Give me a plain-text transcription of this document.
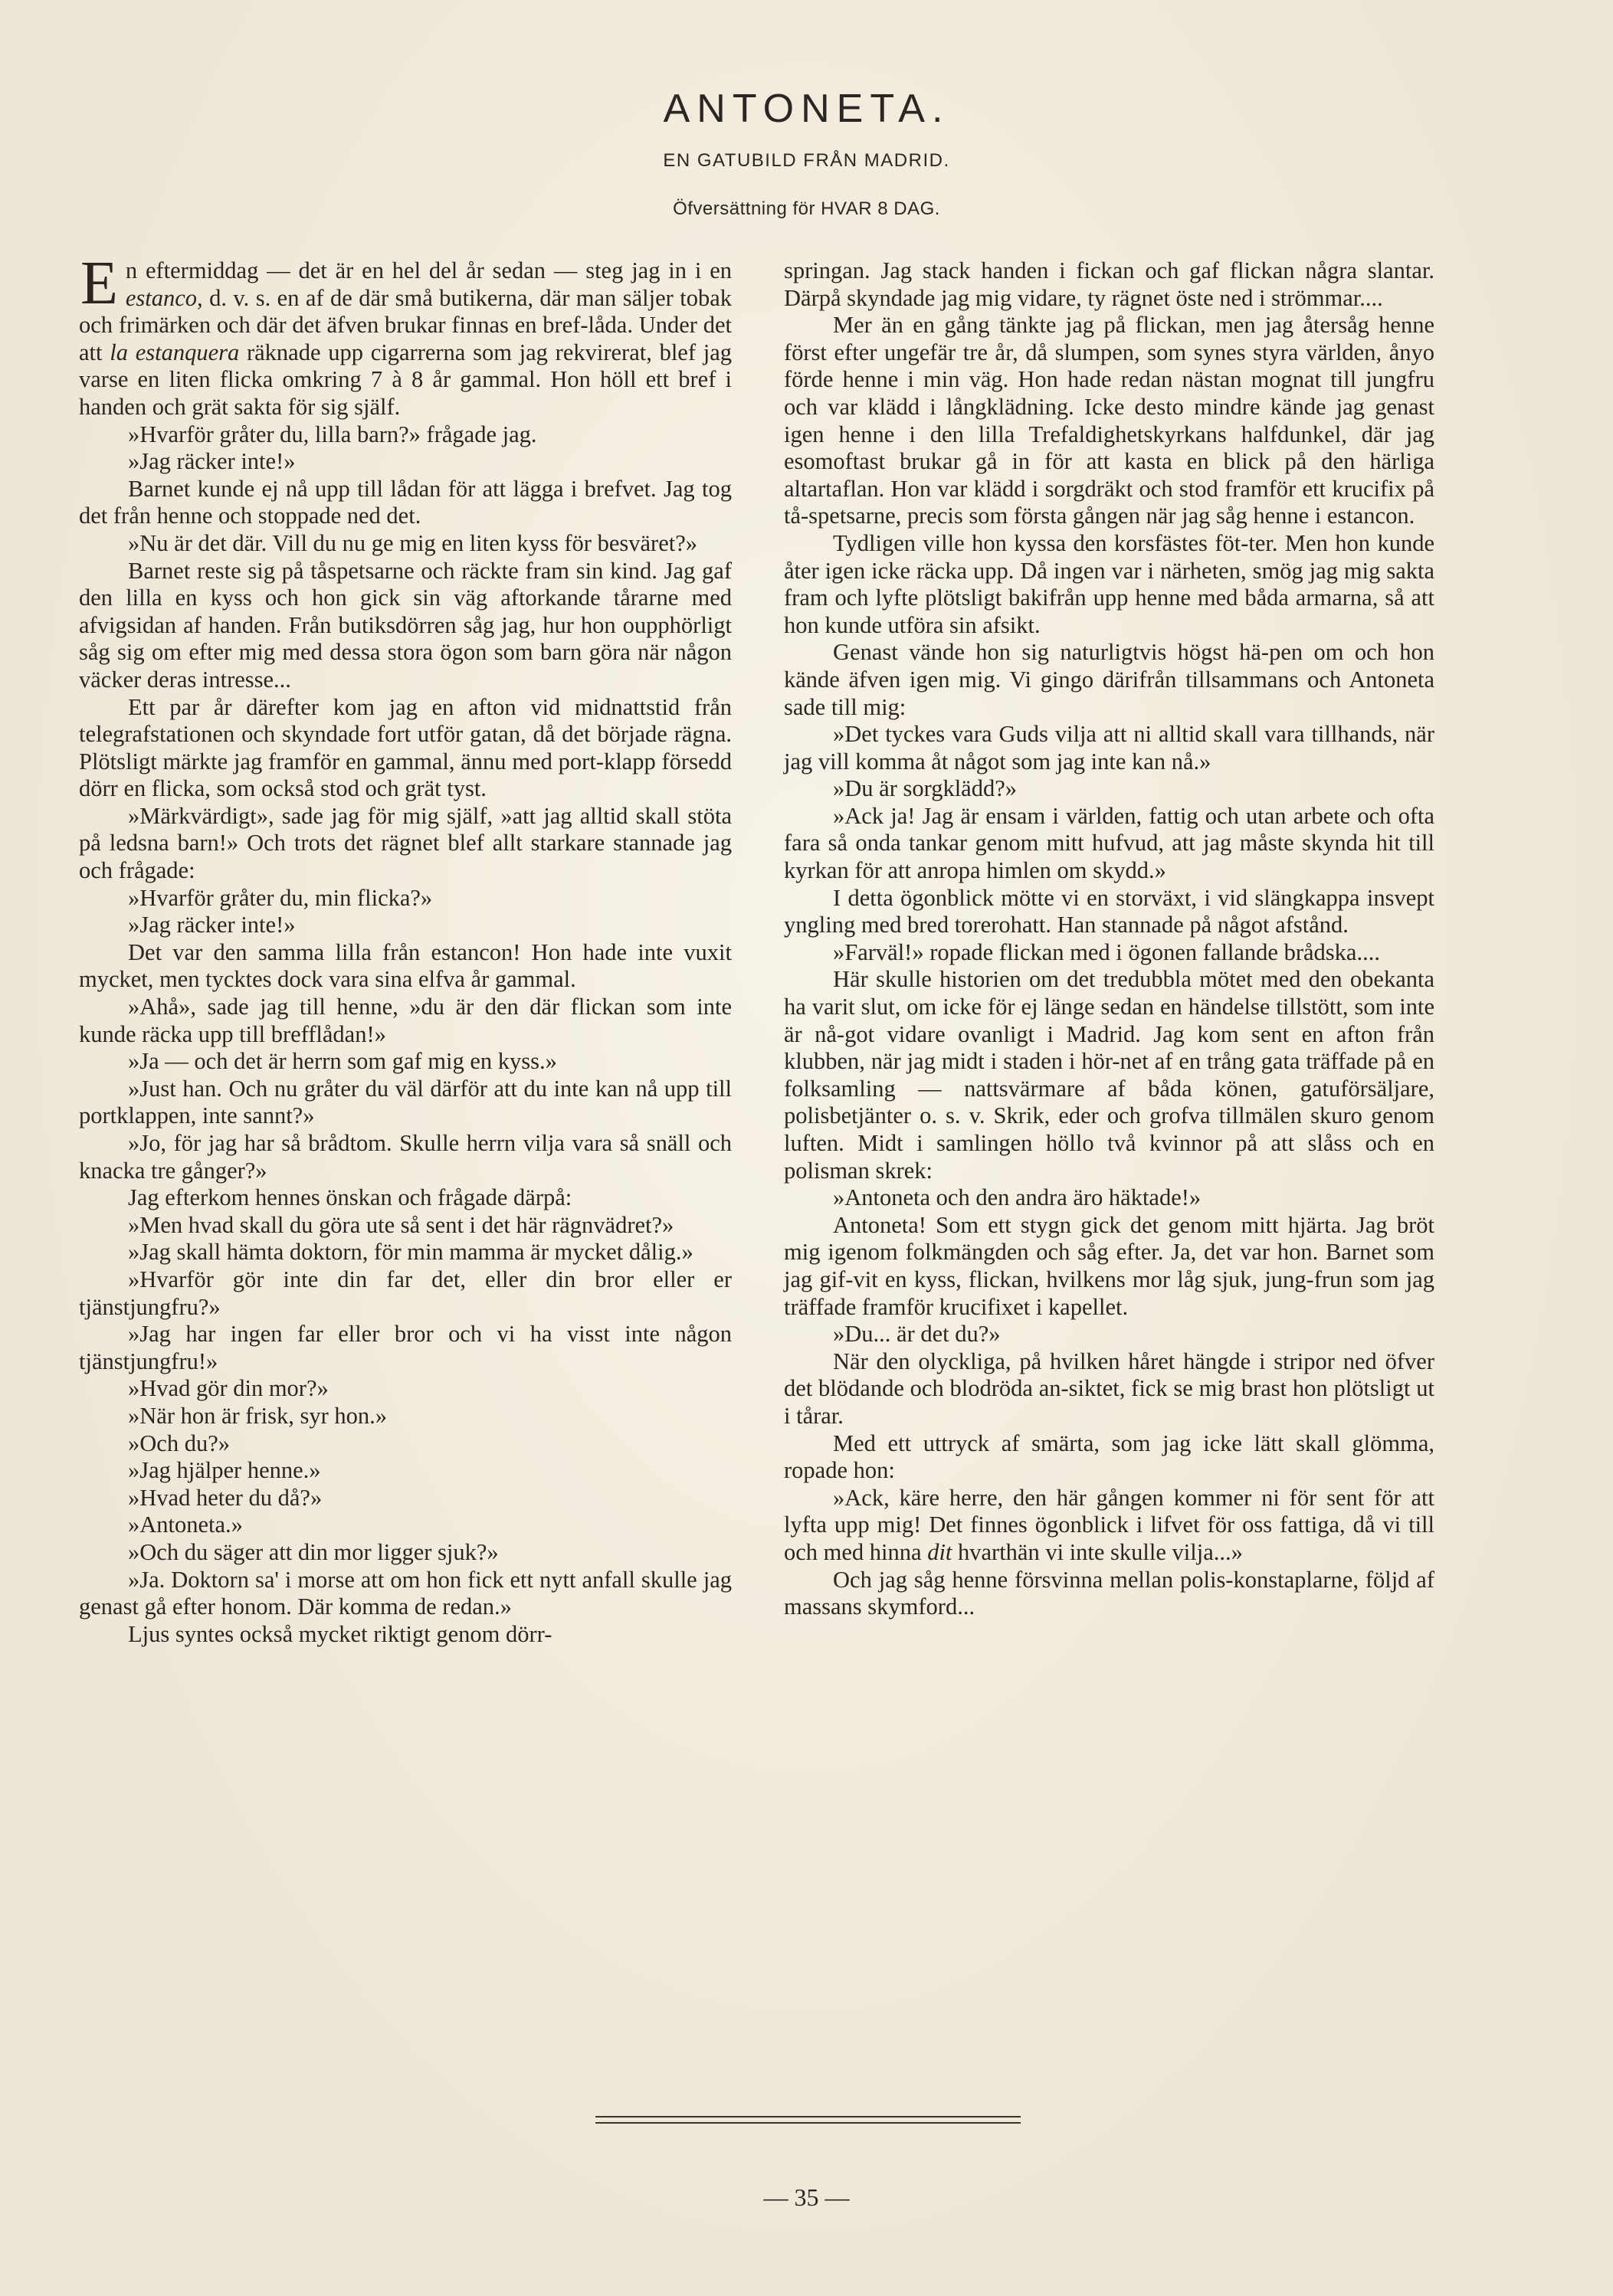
ANTONETA.
EN GATUBILD FRÅN MADRID.
Öfversättning för HVAR 8 DAG.

En eftermiddag — det är en hel del år sedan — steg jag in i en estanco, d. v. s. en af de där små butikerna, där man säljer tobak och frimärken och där det äfven brukar finnas en bref-låda. Under det att la estanquera räknade upp cigarrerna som jag rekvirerat, blef jag varse en liten flicka omkring 7 à 8 år gammal. Hon höll ett bref i handen och grät sakta för sig själf.

»Hvarför gråter du, lilla barn?» frågade jag.

»Jag räcker inte!»

Barnet kunde ej nå upp till lådan för att lägga i brefvet. Jag tog det från henne och stoppade ned det.

»Nu är det där. Vill du nu ge mig en liten kyss för besväret?»

Barnet reste sig på tåspetsarne och räckte fram sin kind. Jag gaf den lilla en kyss och hon gick sin väg aftorkande tårarne med afvigsidan af handen. Från butiksdörren såg jag, hur hon oupphörligt såg sig om efter mig med dessa stora ögon som barn göra när någon väcker deras intresse...

Ett par år därefter kom jag en afton vid midnattstid från telegrafstationen och skyndade fort utför gatan, då det började rägna. Plötsligt märkte jag framför en gammal, ännu med port-klapp försedd dörr en flicka, som också stod och grät tyst.

»Märkvärdigt», sade jag för mig själf, »att jag alltid skall stöta på ledsna barn!» Och trots det rägnet blef allt starkare stannade jag och frågade:

»Hvarför gråter du, min flicka?»

»Jag räcker inte!»

Det var den samma lilla från estancon! Hon hade inte vuxit mycket, men tycktes dock vara sina elfva år gammal.

»Ahå», sade jag till henne, »du är den där flickan som inte kunde räcka upp till brefflådan!»

»Ja — och det är herrn som gaf mig en kyss.»

»Just han. Och nu gråter du väl därför att du inte kan nå upp till portklappen, inte sannt?»

»Jo, för jag har så brådtom. Skulle herrn vilja vara så snäll och knacka tre gånger?»

Jag efterkom hennes önskan och frågade därpå:

»Men hvad skall du göra ute så sent i det här rägnvädret?»

»Jag skall hämta doktorn, för min mamma är mycket dålig.»

»Hvarför gör inte din far det, eller din bror eller er tjänstjungfru?»

»Jag har ingen far eller bror och vi ha visst inte någon tjänstjungfru!»

»Hvad gör din mor?»

»När hon är frisk, syr hon.»

»Och du?»

»Jag hjälper henne.»

»Hvad heter du då?»

»Antoneta.»

»Och du säger att din mor ligger sjuk?»

»Ja. Doktorn sa' i morse att om hon fick ett nytt anfall skulle jag genast gå efter honom. Där komma de redan.»

Ljus syntes också mycket riktigt genom dörr-

springan. Jag stack handen i fickan och gaf flickan några slantar. Därpå skyndade jag mig vidare, ty rägnet öste ned i strömmar....

Mer än en gång tänkte jag på flickan, men jag återsåg henne först efter ungefär tre år, då slumpen, som synes styra världen, ånyo förde henne i min väg. Hon hade redan nästan mognat till jungfru och var klädd i långklädning. Icke desto mindre kände jag genast igen henne i den lilla Trefaldighetskyrkans halfdunkel, där jag esomoftast brukar gå in för att kasta en blick på den härliga altartaflan. Hon var klädd i sorgdräkt och stod framför ett krucifix på tå-spetsarne, precis som första gången när jag såg henne i estancon.

Tydligen ville hon kyssa den korsfästes föt-ter. Men hon kunde åter igen icke räcka upp. Då ingen var i närheten, smög jag mig sakta fram och lyfte plötsligt bakifrån upp henne med båda armarna, så att hon kunde utföra sin afsikt.

Genast vände hon sig naturligtvis högst hä-pen om och hon kände äfven igen mig. Vi gingo därifrån tillsammans och Antoneta sade till mig:

»Det tyckes vara Guds vilja att ni alltid skall vara tillhands, när jag vill komma åt något som jag inte kan nå.»

»Du är sorgklädd?»

»Ack ja! Jag är ensam i världen, fattig och utan arbete och ofta fara så onda tankar genom mitt hufvud, att jag måste skynda hit till kyrkan för att anropa himlen om skydd.»

I detta ögonblick mötte vi en storväxt, i vid slängkappa insvept yngling med bred torerohatt. Han stannade på något afstånd.

»Farväl!» ropade flickan med i ögonen fallande brådska....

Här skulle historien om det tredubbla mötet med den obekanta ha varit slut, om icke för ej länge sedan en händelse tillstött, som inte är nå-got vidare ovanligt i Madrid. Jag kom sent en afton från klubben, när jag midt i staden i hör-net af en trång gata träffade på en folksamling — nattsvärmare af båda könen, gatuförsäljare, polisbetjänter o. s. v. Skrik, eder och grofva tillmälen skuro genom luften. Midt i samlingen höllo två kvinnor på att slåss och en polisman skrek:

»Antoneta och den andra äro häktade!»

Antoneta! Som ett stygn gick det genom mitt hjärta. Jag bröt mig igenom folkmängden och såg efter. Ja, det var hon. Barnet som jag gif-vit en kyss, flickan, hvilkens mor låg sjuk, jung-frun som jag träffade framför krucifixet i kapellet.

»Du... är det du?»

När den olyckliga, på hvilken håret hängde i stripor ned öfver det blödande och blodröda an-siktet, fick se mig brast hon plötsligt ut i tårar.

Med ett uttryck af smärta, som jag icke lätt skall glömma, ropade hon:

»Ack, käre herre, den här gången kommer ni för sent för att lyfta upp mig! Det finnes ögonblick i lifvet för oss fattiga, då vi till och med hinna dit hvarthän vi inte skulle vilja...»

Och jag såg henne försvinna mellan polis-konstaplarne, följd af massans skymford...

— 35 —
